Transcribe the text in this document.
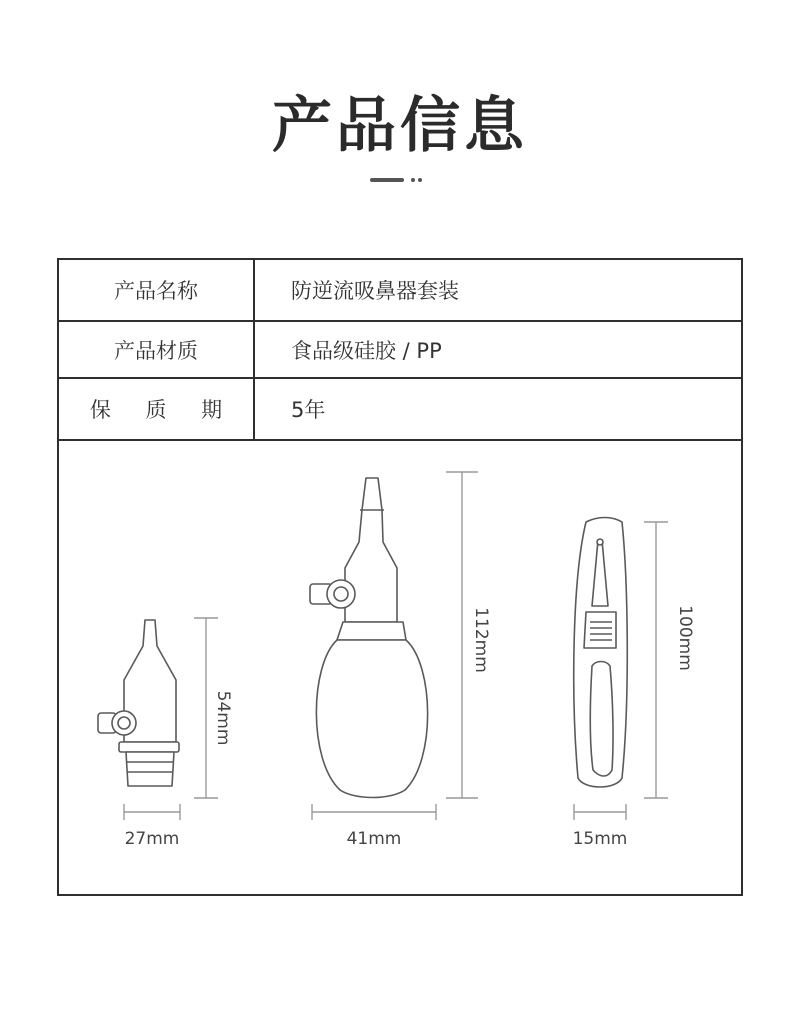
产品信息
产品名称	防逆流吸鼻器套装
产品材质	食品级硅胶 / PP
保 质 期	5年
27mm
54mm
41mm
112mm
15mm
100mm
